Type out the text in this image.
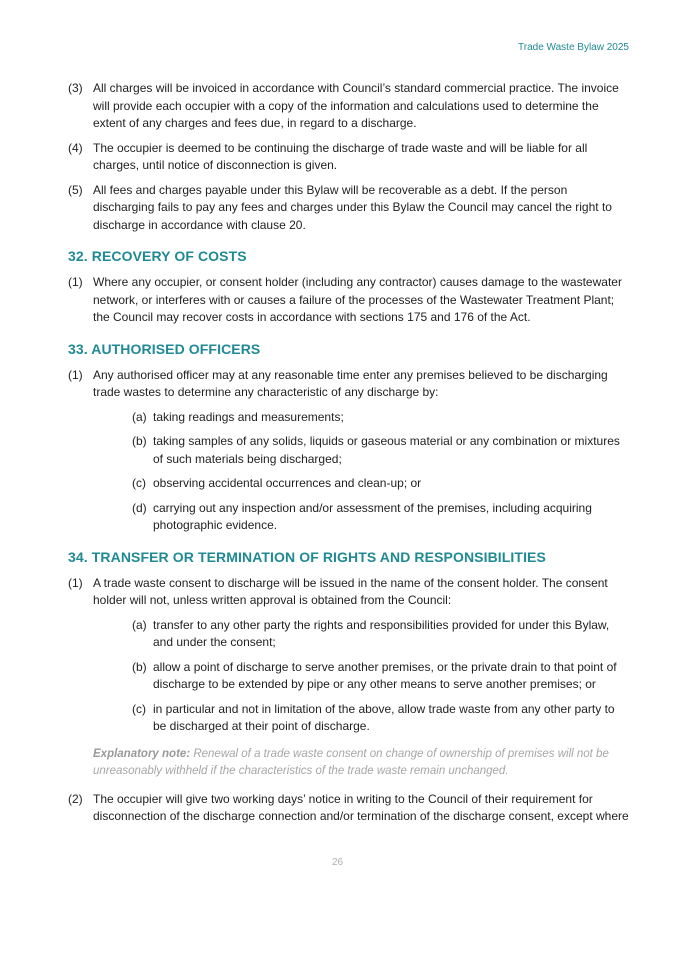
Trade Waste Bylaw 2025
(3) All charges will be invoiced in accordance with Council’s standard commercial practice. The invoice will provide each occupier with a copy of the information and calculations used to determine the extent of any charges and fees due, in regard to a discharge.
(4) The occupier is deemed to be continuing the discharge of trade waste and will be liable for all charges, until notice of disconnection is given.
(5) All fees and charges payable under this Bylaw will be recoverable as a debt. If the person discharging fails to pay any fees and charges under this Bylaw the Council may cancel the right to discharge in accordance with clause 20.
32. RECOVERY OF COSTS
(1) Where any occupier, or consent holder (including any contractor) causes damage to the wastewater network, or interferes with or causes a failure of the processes of the Wastewater Treatment Plant; the Council may recover costs in accordance with sections 175 and 176 of the Act.
33. AUTHORISED OFFICERS
(1) Any authorised officer may at any reasonable time enter any premises believed to be discharging trade wastes to determine any characteristic of any discharge by:
(a) taking readings and measurements;
(b) taking samples of any solids, liquids or gaseous material or any combination or mixtures of such materials being discharged;
(c) observing accidental occurrences and clean-up; or
(d) carrying out any inspection and/or assessment of the premises, including acquiring photographic evidence.
34. TRANSFER OR TERMINATION OF RIGHTS AND RESPONSIBILITIES
(1) A trade waste consent to discharge will be issued in the name of the consent holder. The consent holder will not, unless written approval is obtained from the Council:
(a) transfer to any other party the rights and responsibilities provided for under this Bylaw, and under the consent;
(b) allow a point of discharge to serve another premises, or the private drain to that point of discharge to be extended by pipe or any other means to serve another premises; or
(c) in particular and not in limitation of the above, allow trade waste from any other party to be discharged at their point of discharge.
Explanatory note: Renewal of a trade waste consent on change of ownership of premises will not be unreasonably withheld if the characteristics of the trade waste remain unchanged.
(2) The occupier will give two working days’ notice in writing to the Council of their requirement for disconnection of the discharge connection and/or termination of the discharge consent, except where
26
